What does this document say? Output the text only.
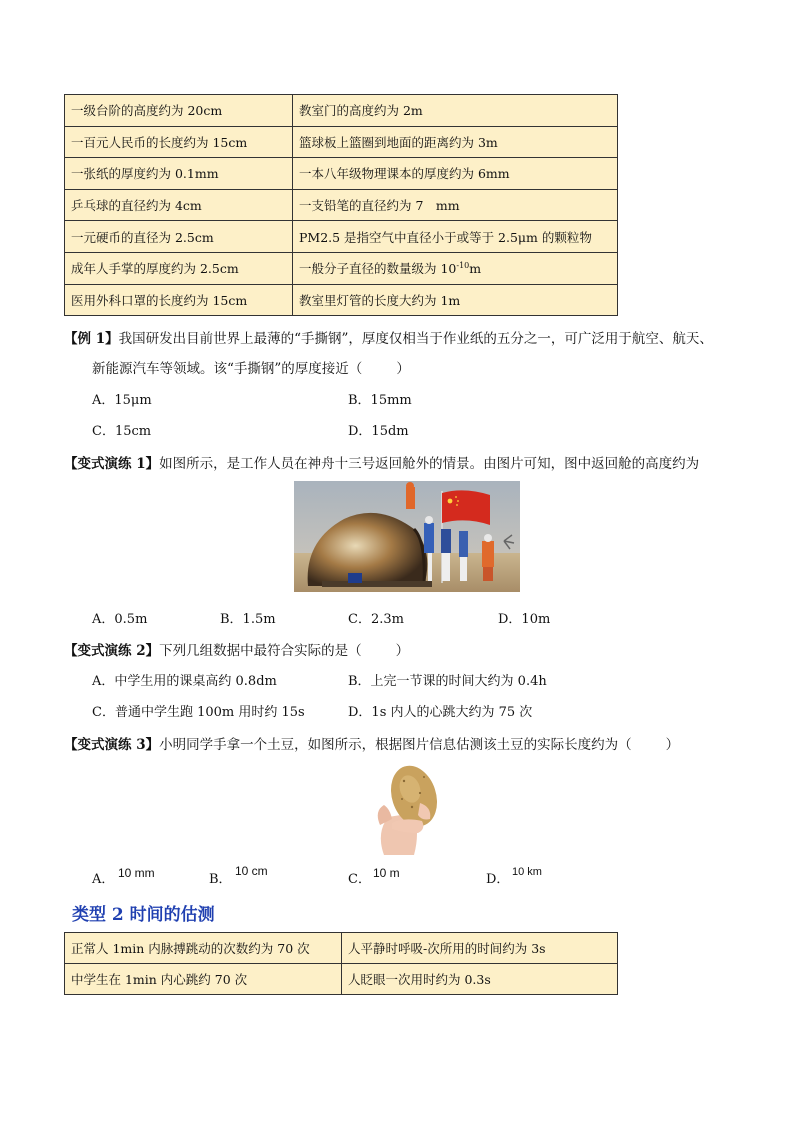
一级台阶的高度约为 20cm	教室门的高度约为 2m
一百元人民币的长度约为 15cm	篮球板上篮圈到地面的距离约为 3m
一张纸的厚度约为 0.1mm	一本八年级物理课本的厚度约为 6mm
乒乓球的直径约为 4cm	一支铅笔的直径约为 7　mm
一元硬币的直径为 2.5cm	PM2.5 是指空气中直径小于或等于 2.5μm 的颗粒物
成年人手掌的厚度约为 2.5cm	一般分子直径的数量级为 $10^{-10}m$
医用外科口罩的长度约为 15cm	教室里灯管的长度大约为 1m
【例 1】我国研发出目前世界上最薄的“手撕钢”，厚度仅相当于作业纸的五分之一，可广泛用于航空、航天、
新能源汽车等领域。该“手撕钢”的厚度接近（	）
A．15μm	B．15mm
C．15cm	D．15dm
【变式演练 1】如图所示，是工作人员在神舟十三号返回舱外的情景。由图片可知，图中返回舱的高度约为
A．0.5m	B．1.5m	C．2.3m	D．10m
【变式演练 2】下列几组数据中最符合实际的是（	）
A．中学生用的课桌高约 0.8dm	B．上完一节课的时间大约为 0.4h
C．普通中学生跑 100m 用时约 15s	D．1s 内人的心跳大约为 75 次
【变式演练 3】小明同学手拿一个土豆，如图所示，根据图片信息估测该土豆的实际长度约为（	）
A． 10 mm	B．
10 cm
C． 10 m	D． 10 km
类型 2 时间的估测
正常人 1min 内脉搏跳动的次数约为 70 次	人平静时呼吸-次所用的时间约为 3s
中学生在 1min 内心跳约 70 次	人眨眼一次用时约为 0.3s
